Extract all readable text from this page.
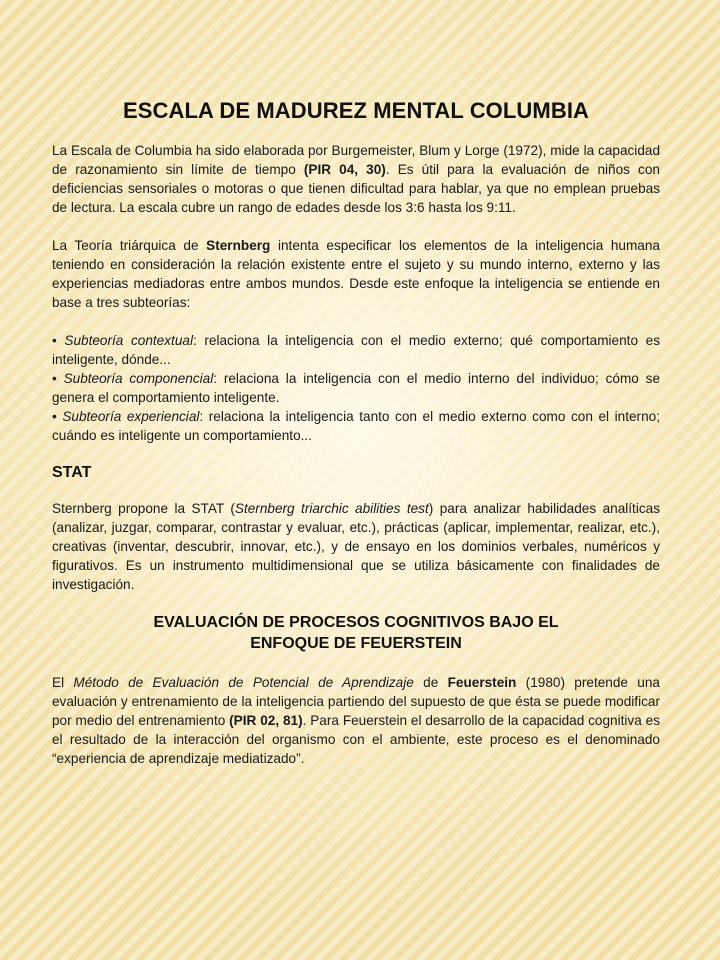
ESCALA DE MADUREZ MENTAL COLUMBIA

La Escala de Columbia ha sido elaborada por Burgemeister, Blum y Lorge (1972), mide la capacidad de razonamiento sin límite de tiempo (PIR 04, 30). Es útil para la evaluación de niños con deficiencias sensoriales o motoras o que tienen dificultad para hablar, ya que no emplean pruebas de lectura. La escala cubre un rango de edades desde los 3:6 hasta los 9:11.

La Teoría triárquica de Sternberg intenta especificar los elementos de la inteligencia humana teniendo en consideración la relación existente entre el sujeto y su mundo interno, externo y las experiencias mediadoras entre ambos mundos. Desde este enfoque la inteligencia se entiende en base a tres subteorías:

• Subteoría contextual: relaciona la inteligencia con el medio externo; qué comportamiento es inteligente, dónde...
• Subteoría componencial: relaciona la inteligencia con el medio interno del individuo; cómo se genera el comportamiento inteligente.
• Subteoría experiencial: relaciona la inteligencia tanto con el medio externo como con el interno; cuándo es inteligente un comportamiento...
STAT

Sternberg propone la STAT (Sternberg triarchic abilities test) para analizar habilidades analíticas (analizar, juzgar, comparar, contrastar y evaluar, etc.), prácticas (aplicar, implementar, realizar, etc.), creativas (inventar, descubrir, innovar, etc.), y de ensayo en los dominios verbales, numéricos y figurativos. Es un instrumento multidimensional que se utiliza básicamente con finalidades de investigación.

EVALUACIÓN DE PROCESOS COGNITIVOS BAJO EL
ENFOQUE DE FEUERSTEIN

El Método de Evaluación de Potencial de Aprendizaje de Feuerstein (1980) pretende una evaluación y entrenamiento de la inteligencia partiendo del supuesto de que ésta se puede modificar por medio del entrenamiento (PIR 02, 81). Para Feuerstein el desarrollo de la capacidad cognitiva es el resultado de la interacción del organismo con el ambiente, este proceso es el denominado “experiencia de aprendizaje mediatizado”.
